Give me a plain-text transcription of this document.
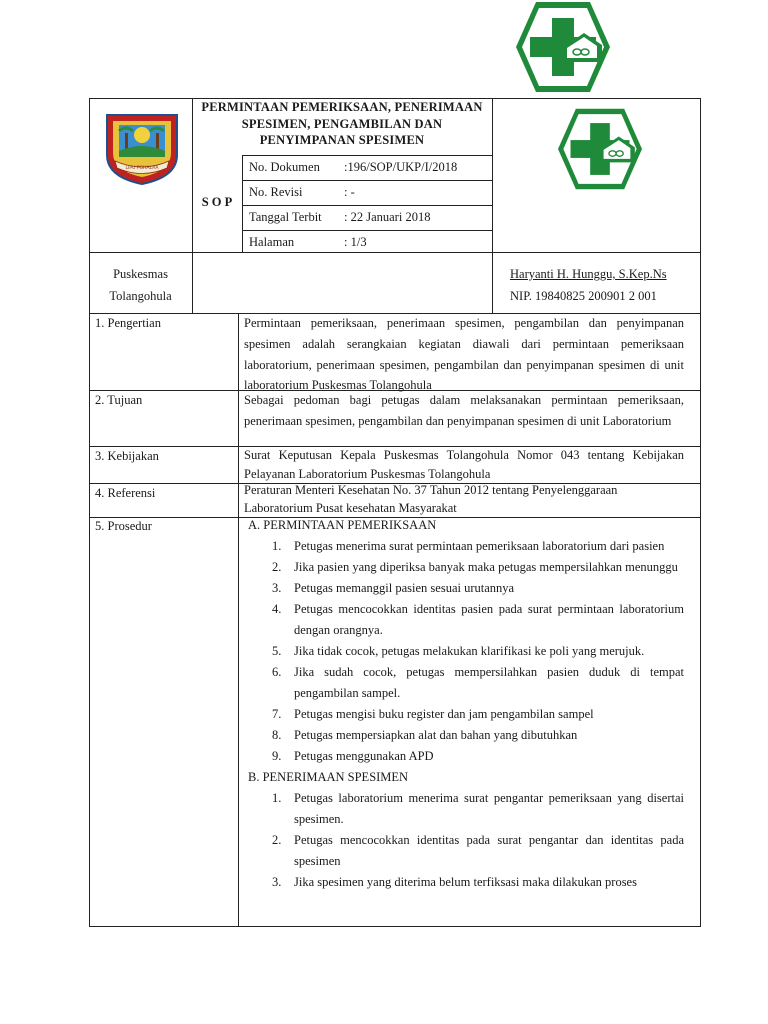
LIPU POHALAA
PERMINTAAN PEMERIKSAAN, PENERIMAAN SPESIMEN, PENGAMBILAN DAN PENYIMPANAN SPESIMEN
S O P
No. Dokumen :196/SOP/UKP/I/2018
No. Revisi	: -
Tanggal Terbit : 22 Januari 2018
Halaman	: 1/3
Puskesmas
Tolangohula
Haryanti H. Hunggu, S.Kep.Ns
NIP. 19840825 200901 2 001
1. Pengertian	Permintaan pemeriksaan, penerimaan spesimen, pengambilan dan penyimpanan spesimen adalah serangkaian kegiatan diawali dari permintaan pemeriksaan laboratorium, penerimaan spesimen, pengambilan dan penyimpanan spesimen di unit laboratorium Puskesmas Tolangohula
2. Tujuan	Sebagai pedoman bagi petugas dalam melaksanakan permintaan pemeriksaan, penerimaan spesimen, pengambilan dan penyimpanan spesimen di unit Laboratorium
3. Kebijakan	Surat Keputusan Kepala Puskesmas Tolangohula Nomor 043 tentang Kebijakan Pelayanan Laboratorium Puskesmas Tolangohula
4. Referensi	Peraturan Menteri Kesehatan No. 37 Tahun 2012 tentang Penyelenggaraan Laboratorium Pusat kesehatan Masyarakat
5. Prosedur	A. PERMINTAAN PEMERIKSAAN
1. Petugas menerima surat permintaan pemeriksaan laboratorium dari pasien
2. Jika pasien yang diperiksa banyak maka petugas mempersilahkan menunggu
3. Petugas memanggil pasien sesuai urutannya
4. Petugas mencocokkan identitas pasien pada surat permintaan laboratorium dengan orangnya.
5. Jika tidak cocok, petugas melakukan klarifikasi ke poli yang merujuk.
6. Jika sudah cocok, petugas mempersilahkan pasien duduk di tempat pengambilan sampel.
7. Petugas mengisi buku register dan jam pengambilan sampel
8. Petugas mempersiapkan alat dan bahan yang dibutuhkan
9. Petugas menggunakan APD
B. PENERIMAAN SPESIMEN
1. Petugas laboratorium menerima surat pengantar pemeriksaan yang disertai spesimen.
2. Petugas mencocokkan identitas pada surat pengantar dan identitas pada spesimen
3. Jika spesimen yang diterima belum terfiksasi maka dilakukan proses
